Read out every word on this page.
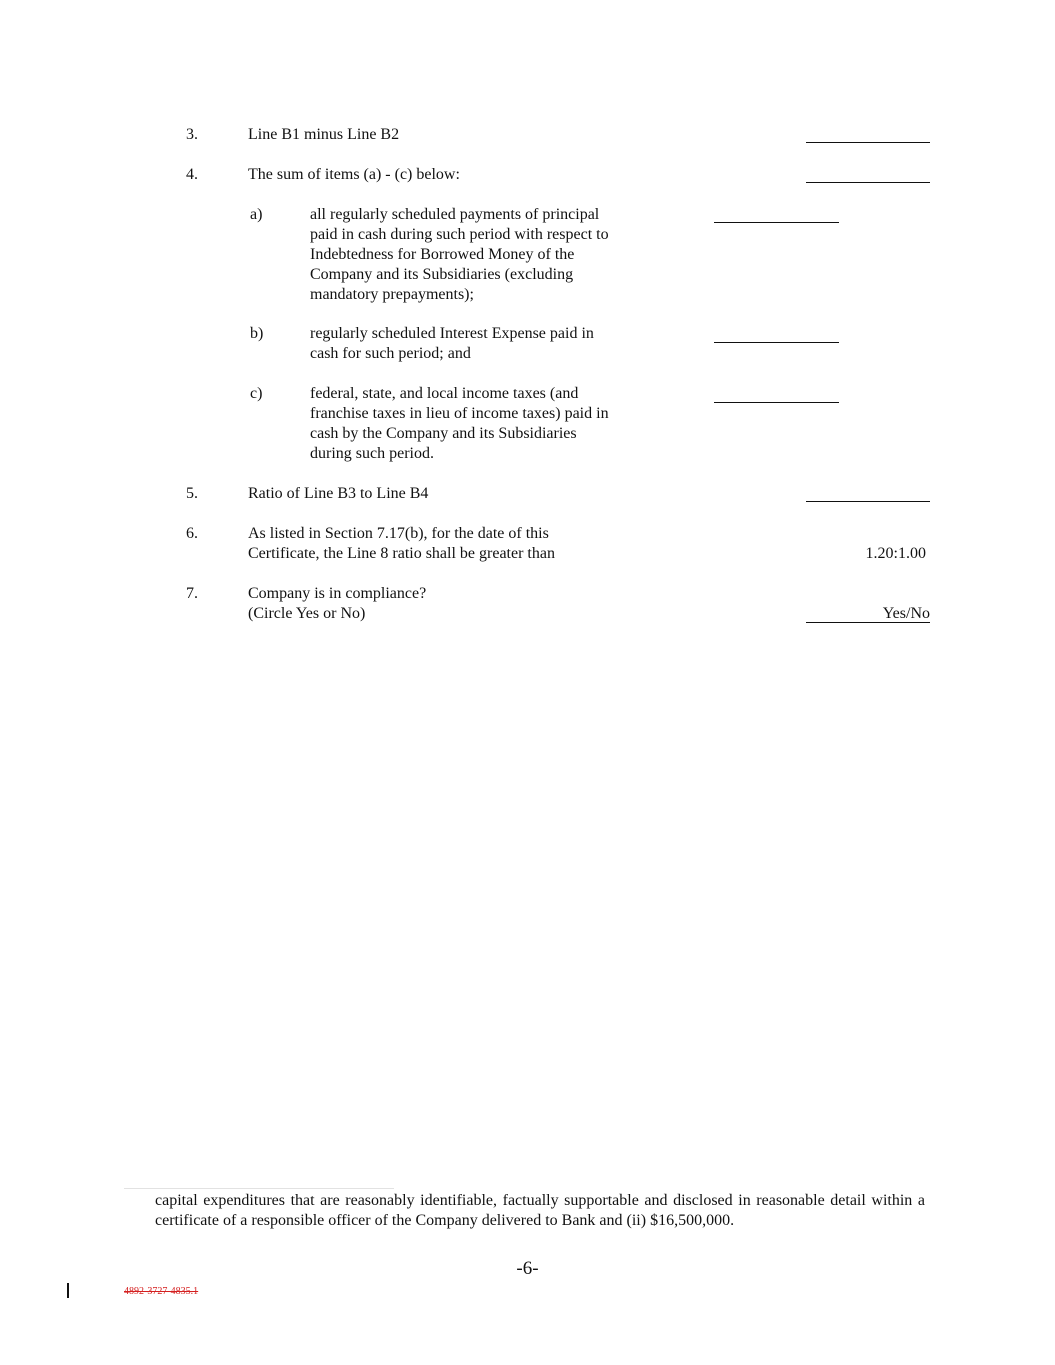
3.	Line B1 minus Line B2
4.	The sum of items (a) - (c) below:
a)	all regularly scheduled payments of principal
paid in cash during such period with respect to
Indebtedness for Borrowed Money of the
Company and its Subsidiaries (excluding
mandatory prepayments);
b)	regularly scheduled Interest Expense paid in
cash for such period; and
c)	federal, state, and local income taxes (and
franchise taxes in lieu of income taxes) paid in
cash by the Company and its Subsidiaries
during such period.
5.	Ratio of Line B3 to Line B4
6.	As listed in Section 7.17(b), for the date of this
Certificate, the Line 8 ratio shall be greater than	1.20:1.00
7.	Company is in compliance?
(Circle Yes or No)	Yes/No
capital expenditures that are reasonably identifiable, factually supportable and disclosed in reasonable detail within a certificate of a responsible officer of the Company delivered to Bank and (ii) $16,500,000.
-6-
4892-3727-4835.1
